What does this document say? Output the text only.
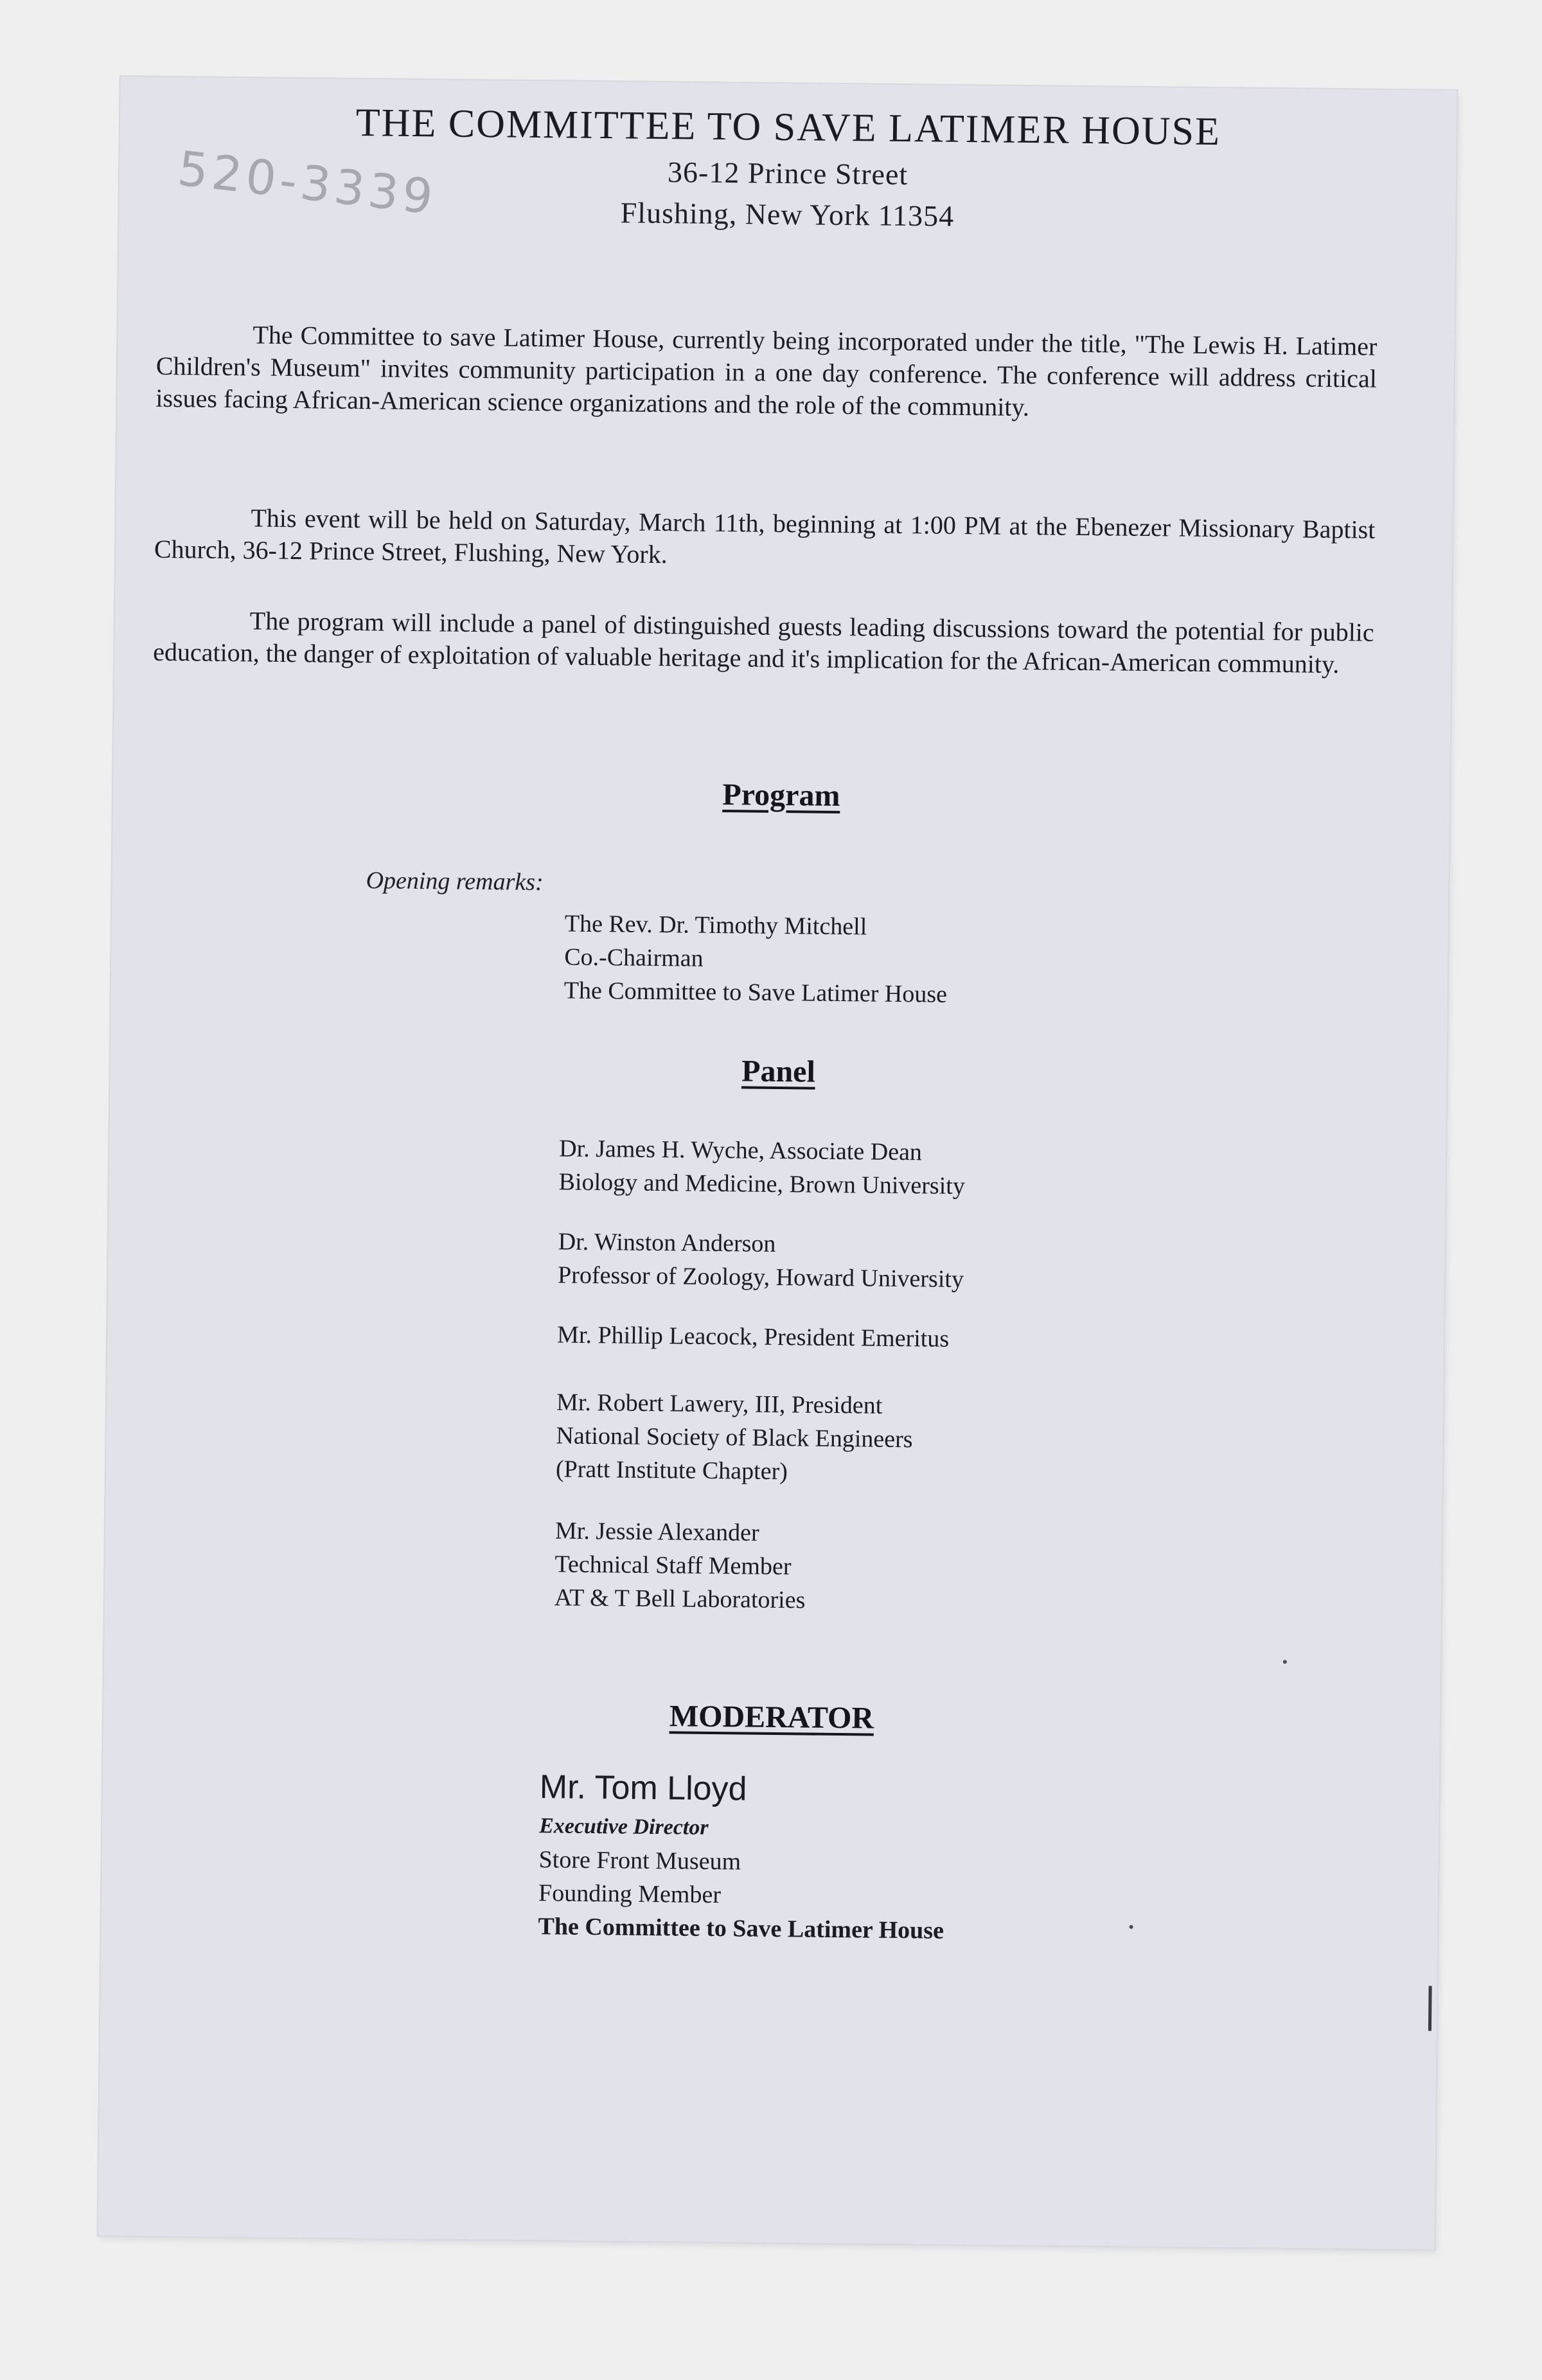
520-3339
THE COMMITTEE TO SAVE LATIMER HOUSE
36-12 Prince Street
Flushing, New York 11354
The Committee to save Latimer House, currently being incorporated under the title, "The Lewis H. Latimer Children's Museum" invites community participation in a one day conference. The conference will address critical issues facing African-American science organizations and the role of the community.
This event will be held on Saturday, March 11th, beginning at 1:00 PM at the Ebenezer Missionary Baptist Church, 36-12 Prince Street, Flushing, New York.
The program will include a panel of distinguished guests leading discussions toward the potential for public education, the danger of exploitation of valuable heritage and it's implication for the African-American community.
Program
Opening remarks:
The Rev. Dr. Timothy Mitchell
Co.-Chairman
The Committee to Save Latimer House
Panel
Dr. James H. Wyche, Associate Dean
Biology and Medicine, Brown University
Dr. Winston Anderson
Professor of Zoology, Howard University
Mr. Phillip Leacock, President Emeritus
Mr. Robert Lawery, III, President
National Society of Black Engineers
(Pratt Institute Chapter)
Mr. Jessie Alexander
Technical Staff Member
AT & T Bell Laboratories
MODERATOR
Mr. Tom Lloyd
Executive Director
Store Front Museum
Founding Member
The Committee to Save Latimer House
